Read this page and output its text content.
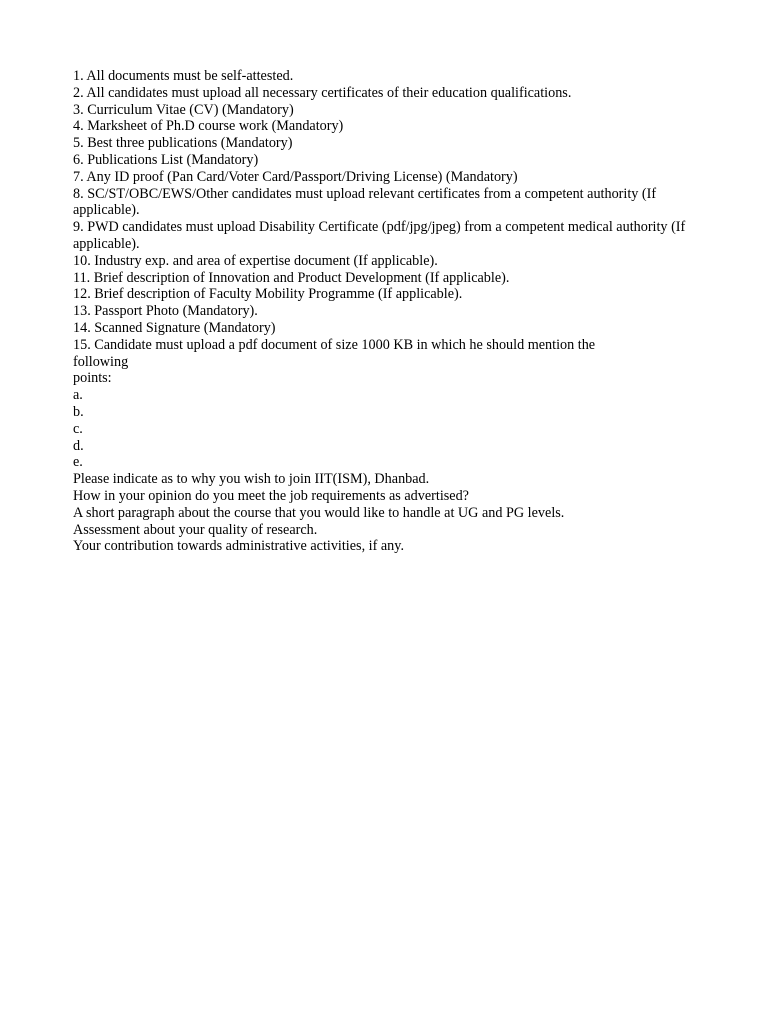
1. All documents must be self-attested.
2. All candidates must upload all necessary certificates of their education qualifications.
3. Curriculum Vitae (CV) (Mandatory)
4. Marksheet of Ph.D course work (Mandatory)
5. Best three publications (Mandatory)
6. Publications List (Mandatory)
7. Any ID proof (Pan Card/Voter Card/Passport/Driving License) (Mandatory)
8. SC/ST/OBC/EWS/Other candidates must upload relevant certificates from a competent authority (If applicable).
9. PWD candidates must upload Disability Certificate (pdf/jpg/jpeg) from a competent medical authority (If applicable).
10. Industry exp. and area of expertise document (If applicable).
11. Brief description of Innovation and Product Development (If applicable).
12. Brief description of Faculty Mobility Programme (If applicable).
13. Passport Photo (Mandatory).
14. Scanned Signature (Mandatory)
15. Candidate must upload a pdf document of size 1000 KB in which he should mention the
following
points:
a.
b.
c.
d.
e.
Please indicate as to why you wish to join IIT(ISM), Dhanbad.
How in your opinion do you meet the job requirements as advertised?
A short paragraph about the course that you would like to handle at UG and PG levels.
Assessment about your quality of research.
Your contribution towards administrative activities, if any.
